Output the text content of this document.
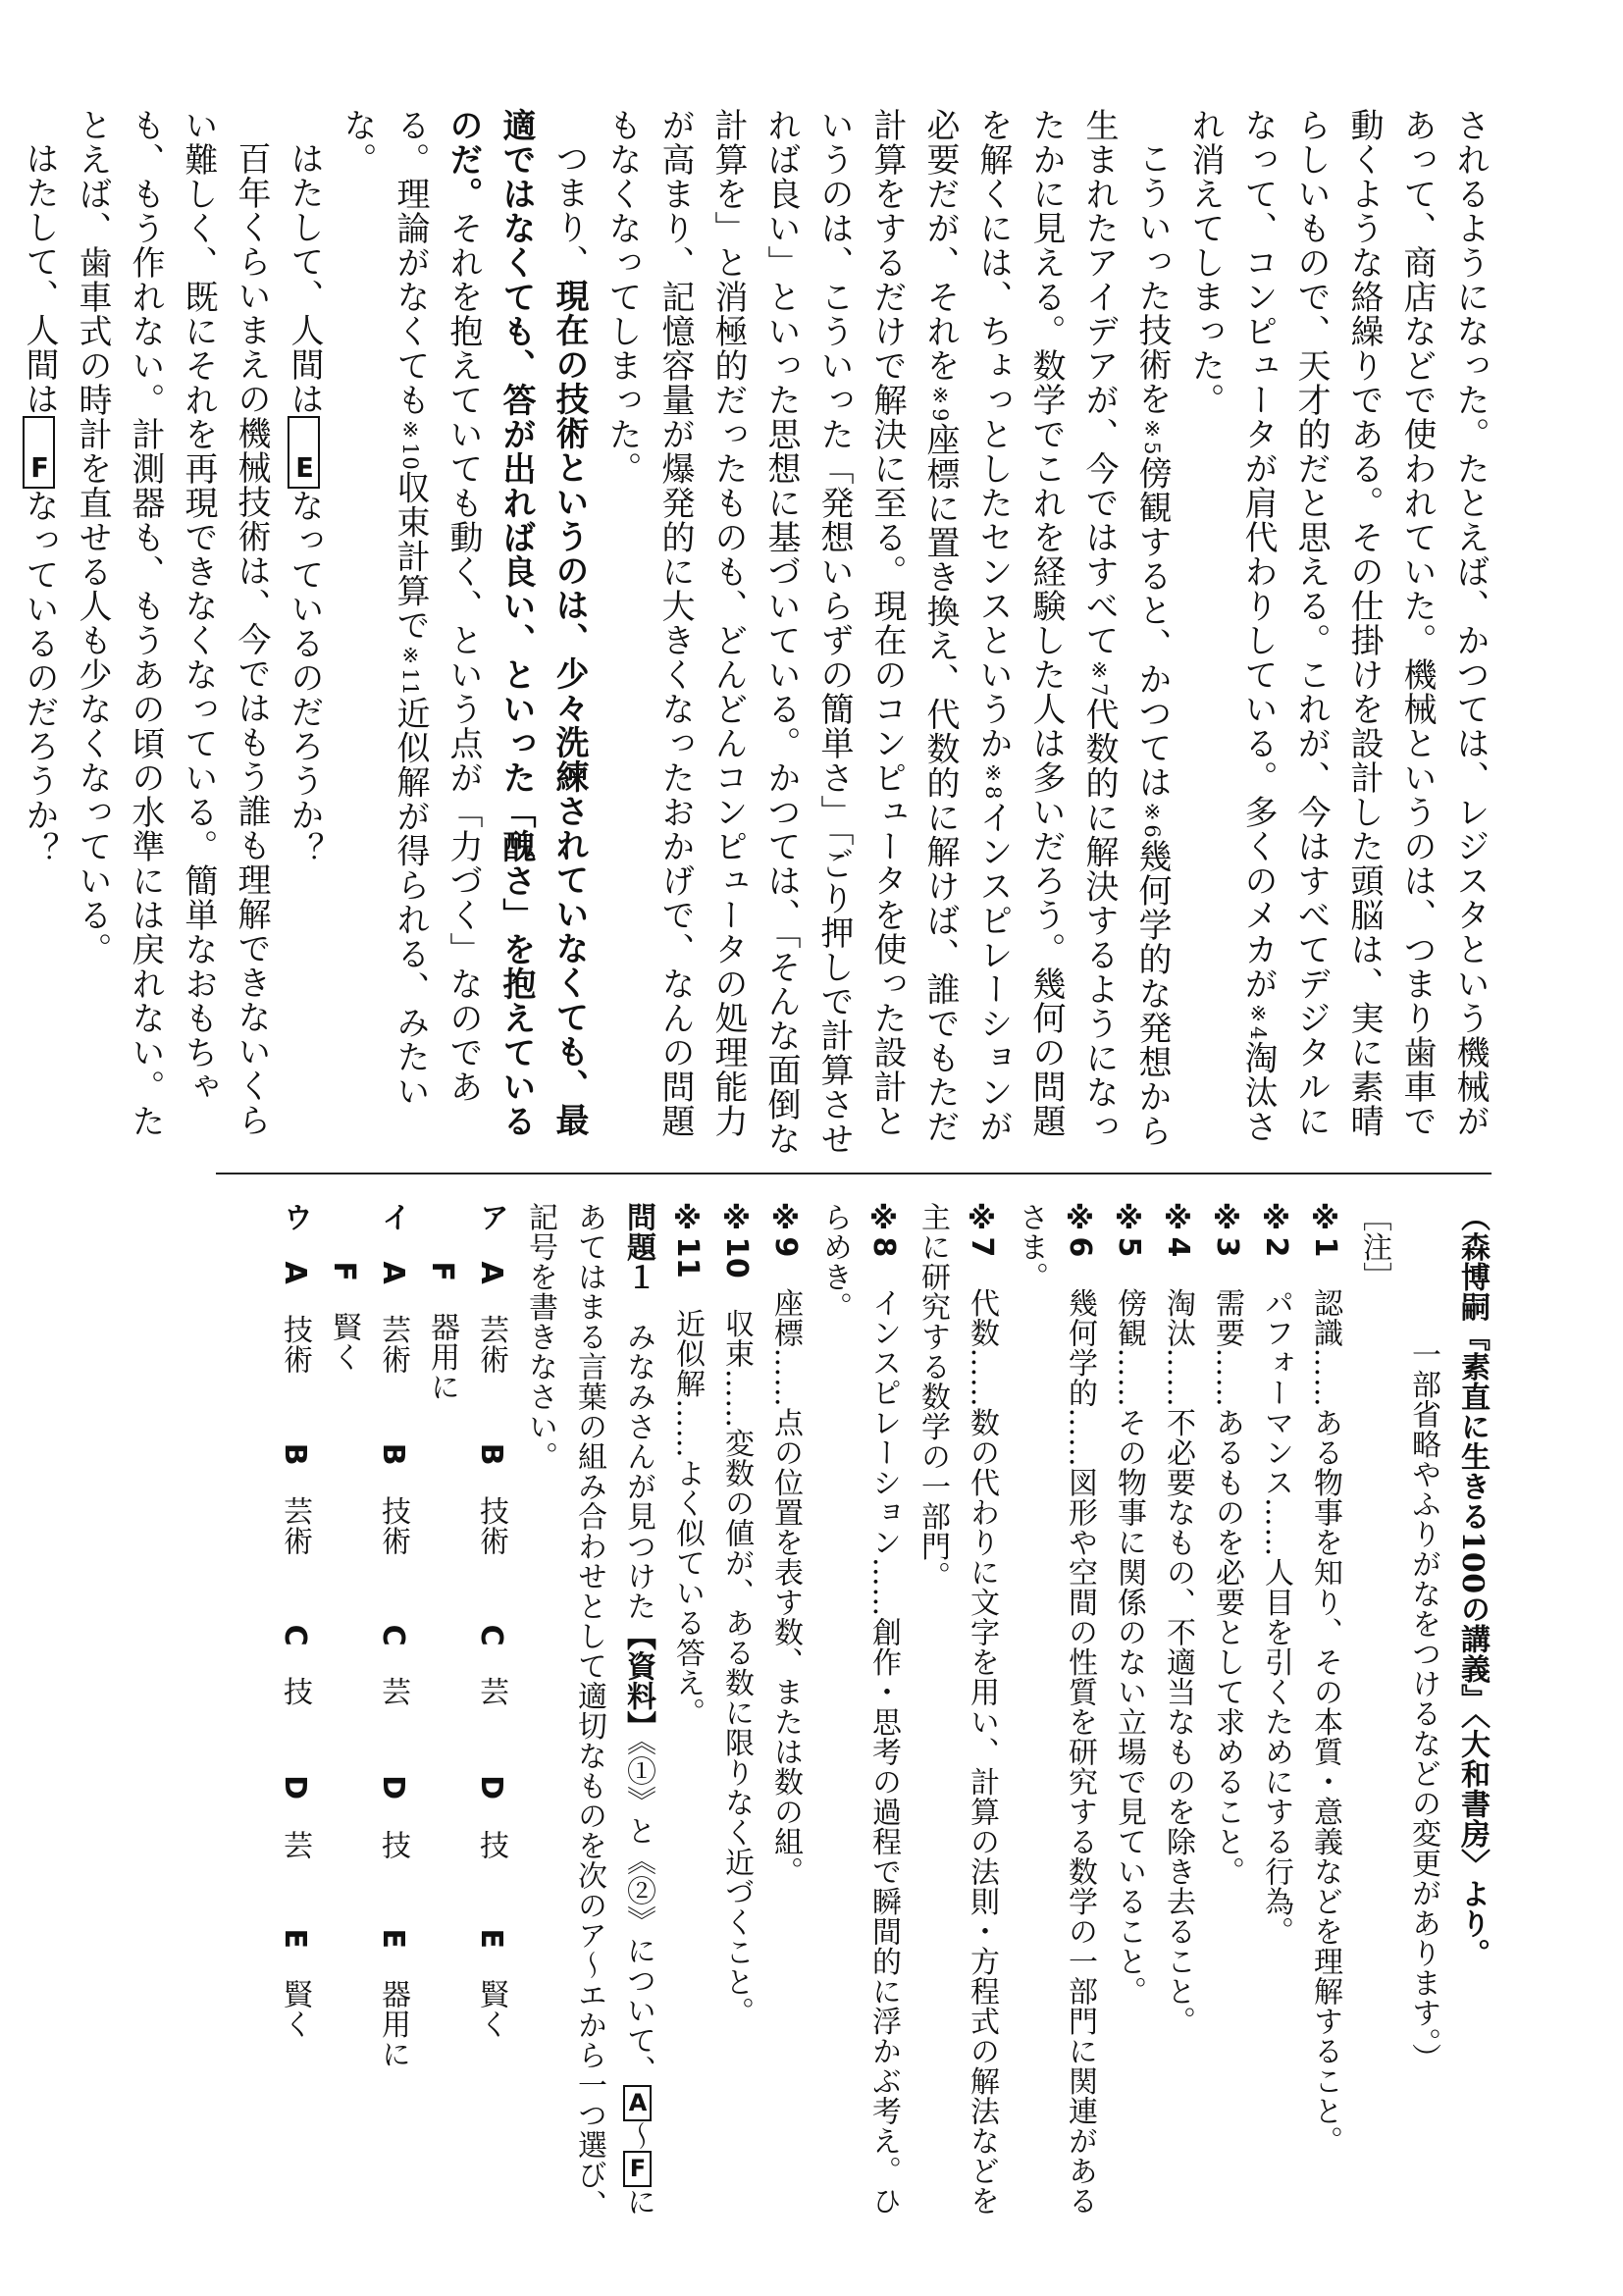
されるようになった。たとえば、かつては、レジスタという機械があって、商店などで使われていた。機械というのは、つまり歯車で動くような絡繰りである。その仕掛けを設計した頭脳は、実に素晴らしいもので、天才的だと思える。これが、今はすべてデジタルになって、コンピュータが肩代わりしている。多くのメカが※4淘汰され消えてしまった。

こういった技術を※5傍観すると、かつては※6幾何学的な発想から生まれたアイデアが、今ではすべて※7代数的に解決するようになったかに見える。数学でこれを経験した人は多いだろう。幾何の問題を解くには、ちょっとしたセンスというか※8インスピレーションが必要だが、それを※9座標に置き換え、代数的に解けば、誰でもただ計算をするだけで解決に至る。現在のコンピュータを使った設計というのは、こういった「発想いらずの簡単さ」「ごり押しで計算させれば良い」といった思想に基づいている。かつては、「そんな面倒な計算を」と消極的だったものも、どんどんコンピュータの処理能力が高まり、記憶容量が爆発的に大きくなったおかげで、なんの問題もなくなってしまった。

つまり、現在の技術というのは、少々洗練されていなくても、最適ではなくても、答が出れば良い、といった「醜さ」を抱えているのだ。それを抱えていても動く、という点が「力づく」なのである。理論がなくても※10収束計算で※11近似解が得られる、みたいな。

はたして、人間はEなっているのだろうか？

百年くらいまえの機械技術は、今ではもう誰も理解できないくらい難しく、既にそれを再現できなくなっている。簡単なおもちゃも、もう作れない。計測器も、もうあの頃の水準には戻れない。たとえば、歯車式の時計を直せる人も少なくなっている。

はたして、人間はFなっているのだろうか？

（森博嗣『素直に生きる100の講義』〈大和書房〉より。
一部省略やふりがなをつけるなどの変更があります。）
［注］
※1　認識……ある物事を知り、その本質・意義などを理解すること。
※2　パフォーマンス……人目を引くためにする行為。
※3　需要……あるものを必要として求めること。
※4　淘汰……不必要なもの、不適当なものを除き去ること。
※5　傍観……その物事に関係のない立場で見ていること。
※6　幾何学的……図形や空間の性質を研究する数学の一部門に関連があるさま。
※7　代数……数の代わりに文字を用い、計算の法則・方程式の解法などを主に研究する数学の一部門。
※8　インスピレーション……創作・思考の過程で瞬間的に浮かぶ考え。ひらめき。
※9　座標……点の位置を表す数、または数の組。
※10　収束……変数の値が、ある数に限りなく近づくこと。
※11　近似解……よく似ている答え。
問題１　みなみさんが見つけた【資料】《①》と《②》について、A～Fにあてはまる言葉の組み合わせとして適切なものを次のア～エから一つ選び、記号を書きなさい。
アA　芸術B　技術C　芸D　技E　賢く
　F　器用に
イA　芸術B　技術C　芸D　技E　器用に
　F　賢く
ウA　技術B　芸術C　技D　芸E　賢く
